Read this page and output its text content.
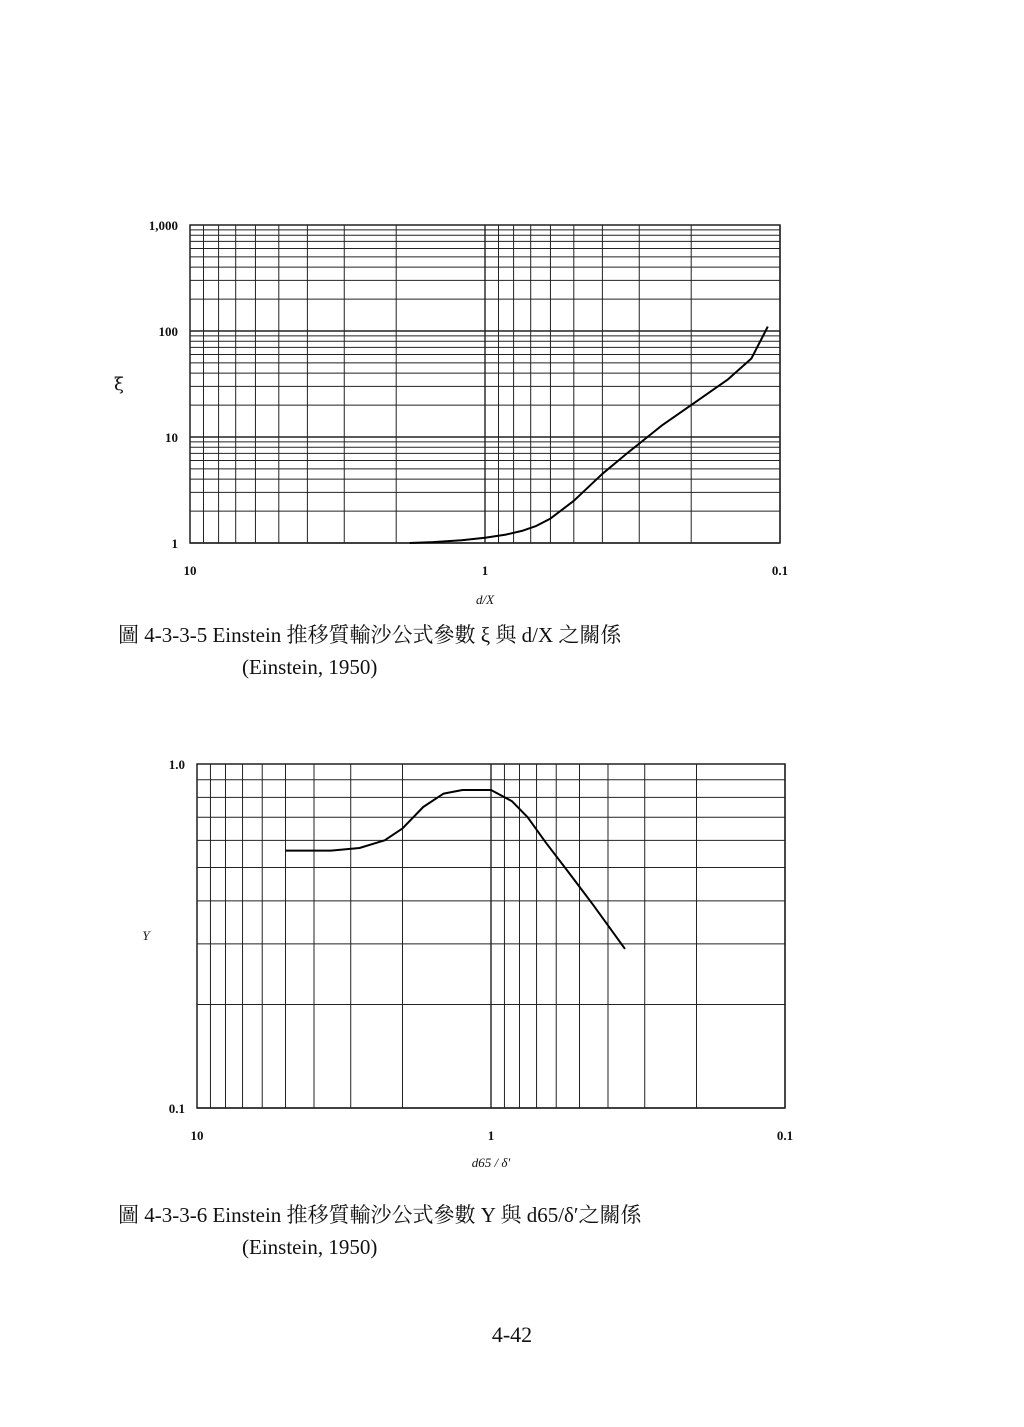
1,000
100
10
1
10	1	0.1
d/X
ξ
圖 4-3-3-5 Einstein 推移質輸沙公式參數 ξ 與 d/X 之關係
(Einstein, 1950)
1.0
0.1
10	1	0.1
d65 / δ'
Y
圖 4-3-3-6 Einstein 推移質輸沙公式參數 Y 與 d65/δ′之關係
(Einstein, 1950)
4-42
